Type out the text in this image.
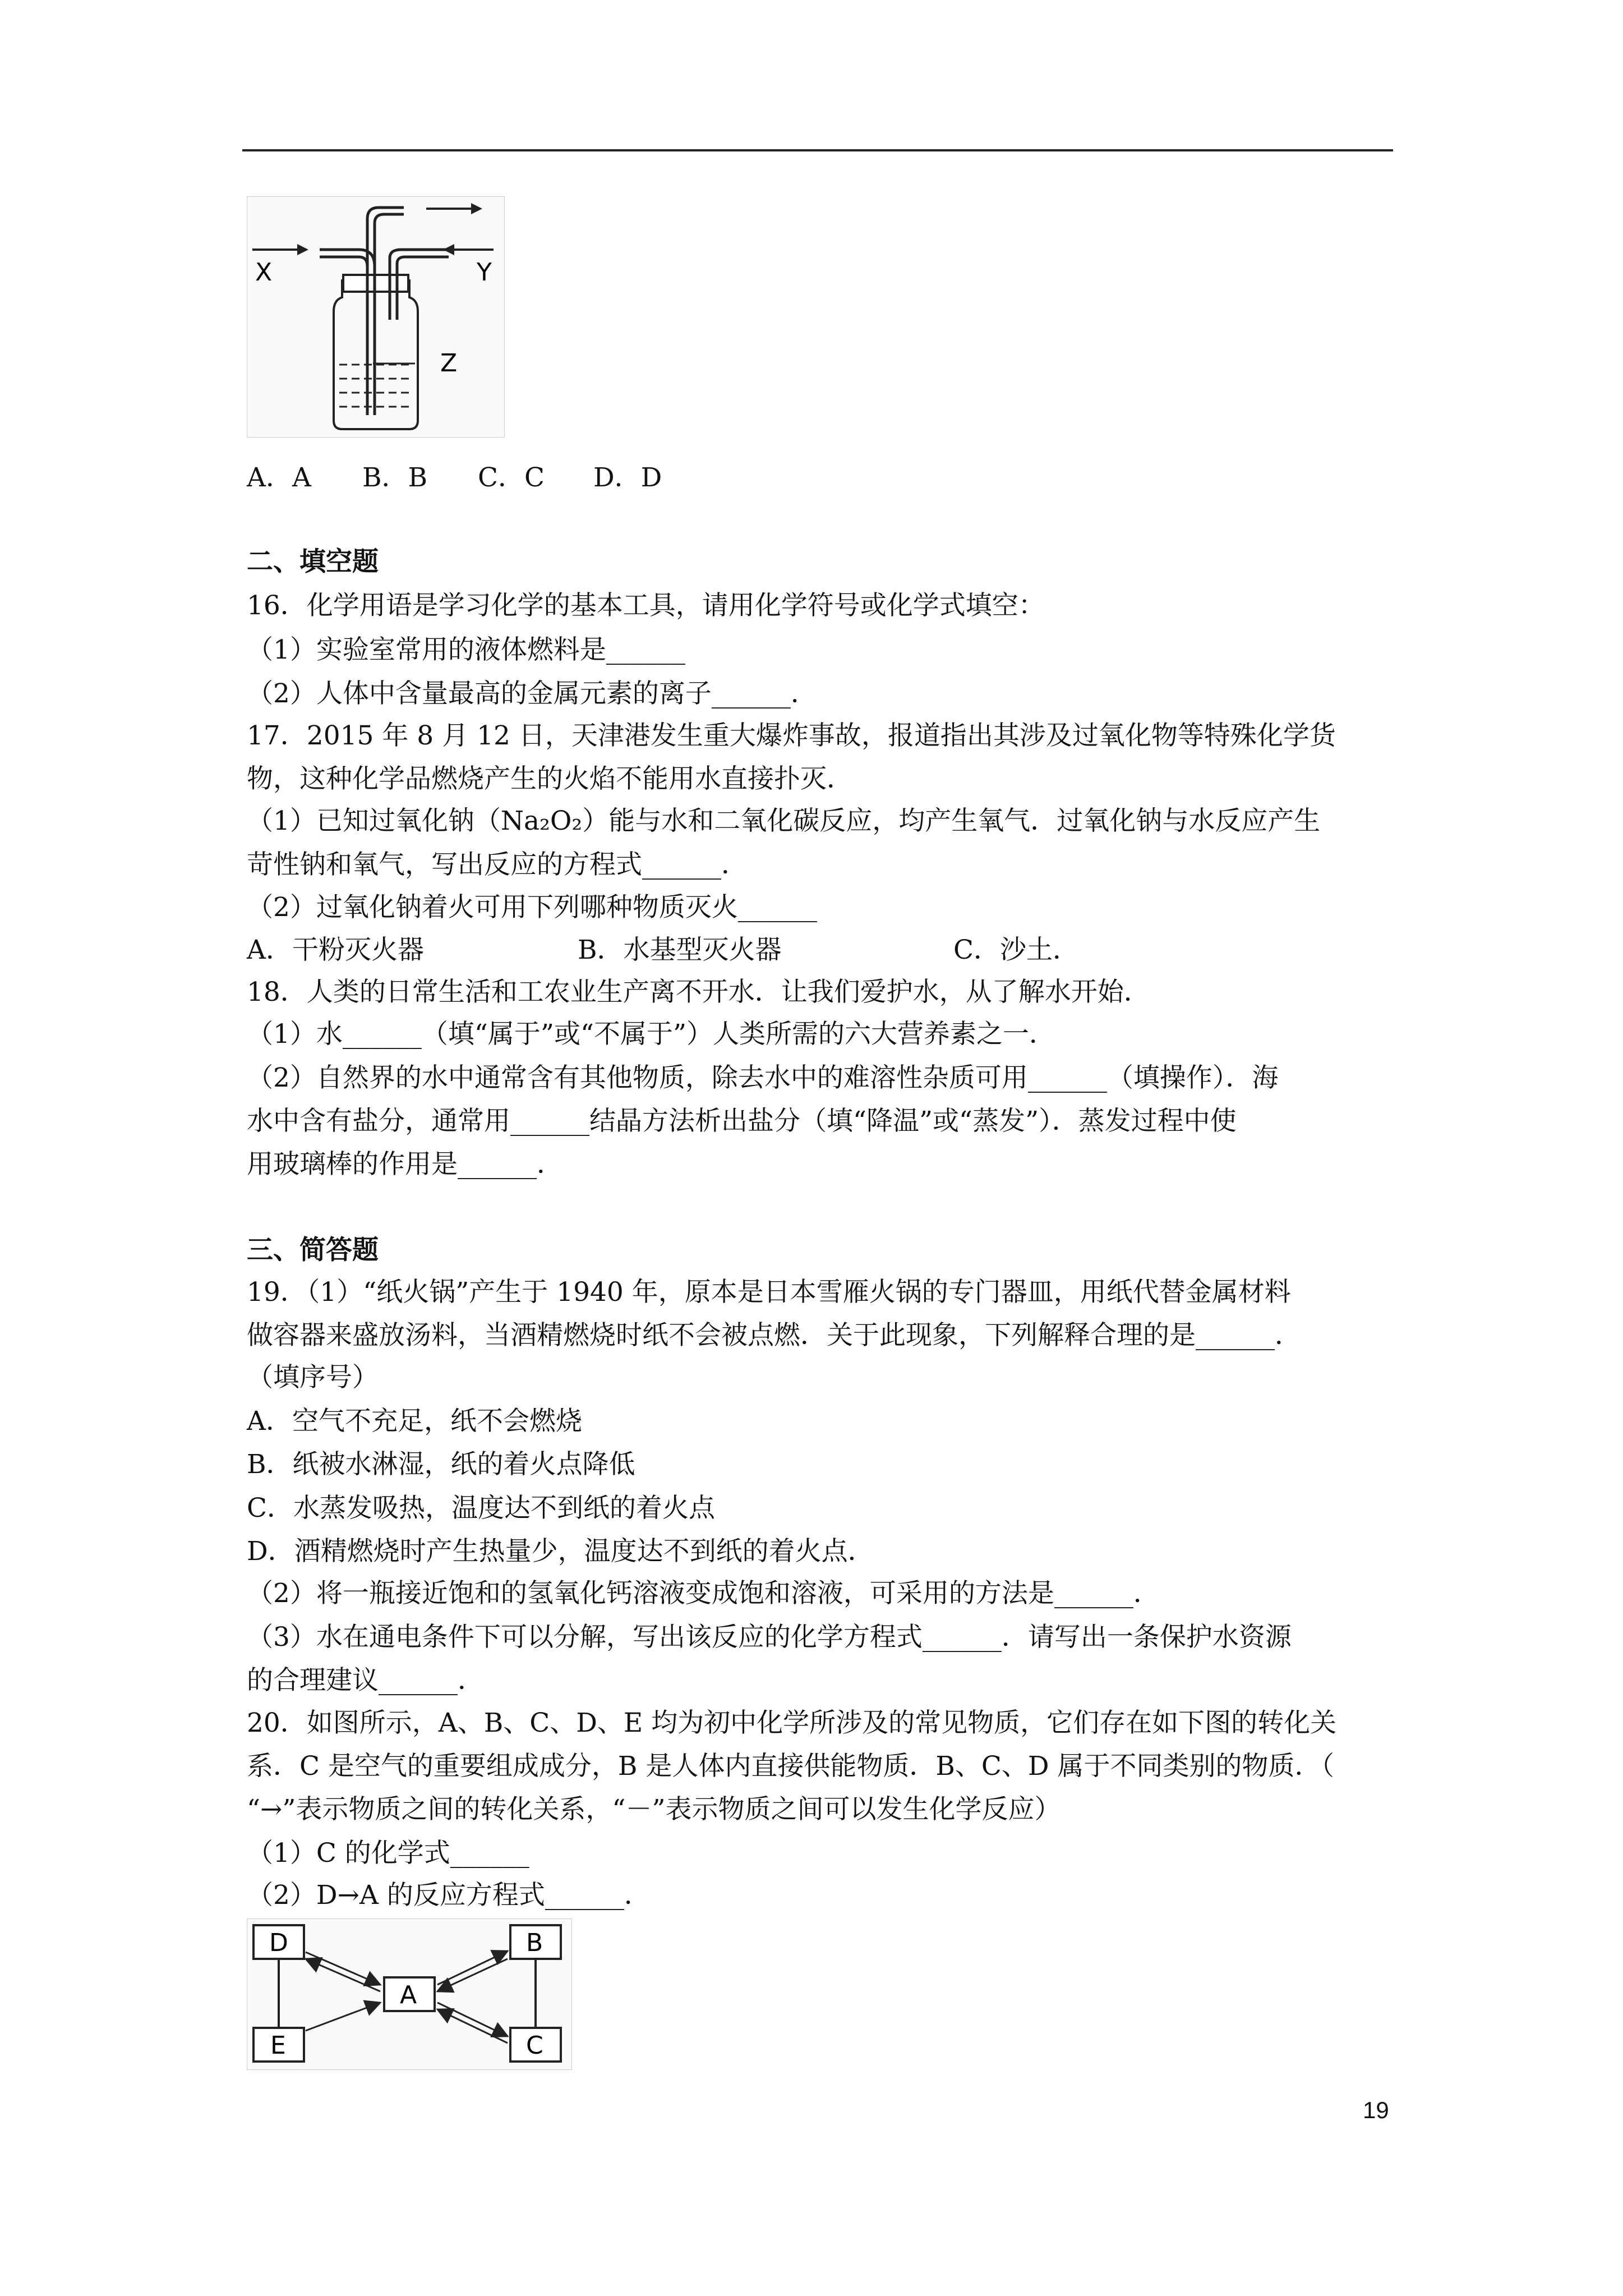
X	Y
Z
A．A B．B C．C D．D
二、填空题
16．化学用语是学习化学的基本工具，请用化学符号或化学式填空：
（1）实验室常用的液体燃料是______
（2）人体中含量最高的金属元素的离子______．
17．2015 年 8 月 12 日，天津港发生重大爆炸事故，报道指出其涉及过氧化物等特殊化学货
物，这种化学品燃烧产生的火焰不能用水直接扑灭．
（1）已知过氧化钠（Na₂O₂）能与水和二氧化碳反应，均产生氧气．过氧化钠与水反应产生
苛性钠和氧气，写出反应的方程式______．
（2）过氧化钠着火可用下列哪种物质灭火______
A．干粉灭火器	B．水基型灭火器	C．沙土．
18．人类的日常生活和工农业生产离不开水．让我们爱护水，从了解水开始．
（1）水______（填“属于”或“不属于”）人类所需的六大营养素之一．
（2）自然界的水中通常含有其他物质，除去水中的难溶性杂质可用______（填操作）．海
水中含有盐分，通常用______结晶方法析出盐分（填“降温”或“蒸发”）．蒸发过程中使
用玻璃棒的作用是______．
三、简答题
19．（1）“纸火锅”产生于 1940 年，原本是日本雪雁火锅的专门器皿，用纸代替金属材料
做容器来盛放汤料，当酒精燃烧时纸不会被点燃．关于此现象，下列解释合理的是______．
（填序号）
A．空气不充足，纸不会燃烧
B．纸被水淋湿，纸的着火点降低
C．水蒸发吸热，温度达不到纸的着火点
D．酒精燃烧时产生热量少，温度达不到纸的着火点．
（2）将一瓶接近饱和的氢氧化钙溶液变成饱和溶液，可采用的方法是______．
（3）水在通电条件下可以分解，写出该反应的化学方程式______．请写出一条保护水资源
的合理建议______．
20．如图所示，A、B、C、D、E 均为初中化学所涉及的常见物质，它们存在如下图的转化关
系．C 是空气的重要组成成分，B 是人体内直接供能物质．B、C、D 属于不同类别的物质．（
“→”表示物质之间的转化关系，“－”表示物质之间可以发生化学反应）
（1）C 的化学式______
（2）D→A 的反应方程式______．
D	B
A
E	C
19
